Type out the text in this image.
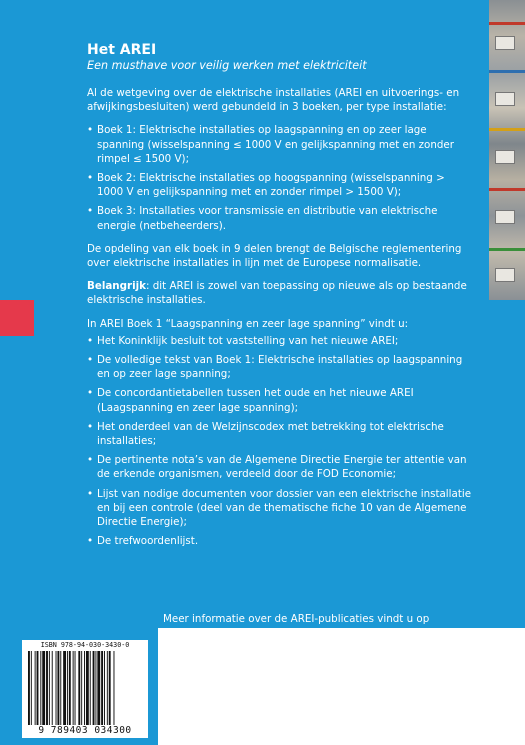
Het AREI
Een musthave voor veilig werken met elektriciteit

Al de wetgeving over de elektrische installaties (AREI en uitvoerings- en afwijkingsbesluiten) werd gebundeld in 3 boeken, per type installatie:

• Boek 1: Elektrische installaties op laagspanning en op zeer lage spanning (wisselspanning ≤ 1000 V en gelijkspanning met en zonder rimpel ≤ 1500 V);
• Boek 2: Elektrische installaties op hoogspanning (wisselspanning > 1000 V en gelijkspanning met en zonder rimpel > 1500 V);
• Boek 3: Installaties voor transmissie en distributie van elektrische energie (netbeheerders).

De opdeling van elk boek in 9 delen brengt de Belgische reglementering over elektrische installaties in lijn met de Europese normalisatie.

Belangrijk: dit AREI is zowel van toepassing op nieuwe als op bestaande elektrische installaties.

In AREI Boek 1 “Laagspanning en zeer lage spanning” vindt u:

• Het Koninklijk besluit tot vaststelling van het nieuwe AREI;
• De volledige tekst van Boek 1: Elektrische installaties op laagspanning en op zeer lage spanning;
• De concordantietabellen tussen het oude en het nieuwe AREI (Laagspanning en zeer lage spanning);
• Het onderdeel van de Welzijnscodex met betrekking tot elektrische installaties;
• De pertinente nota’s van de Algemene Directie Energie ter attentie van de erkende organismen, verdeeld door de FOD Economie;
• Lijst van nodige documenten voor dossier van een elektrische installatie en bij een controle (deel van de thematische fiche 10 van de Algemene Directie Energie);
• De trefwoordenlijst.
Meer informatie over de AREI-publicaties vindt u op
ISBN 978-94-030-3430-0
9 789403 034300
